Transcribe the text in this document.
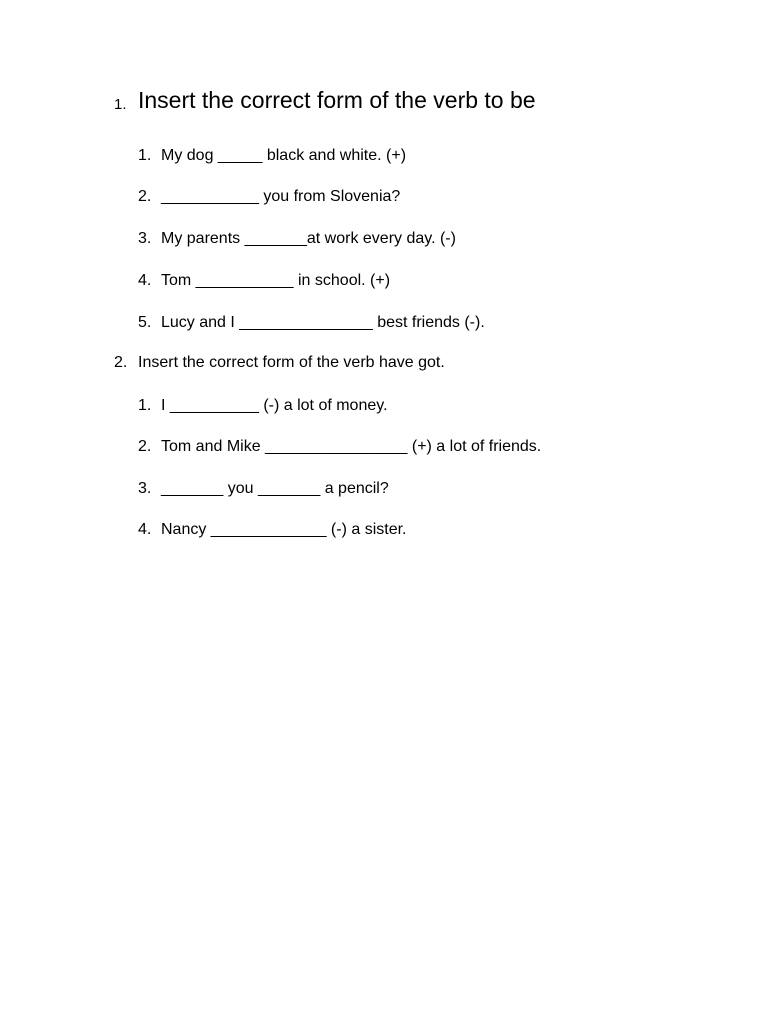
1. Insert the correct form of the verb to be
1. My dog _____ black and white. (+)
2. ___________ you from Slovenia?
3. My parents _______at work every day. (-)
4. Tom ___________ in school. (+)
5. Lucy and I _______________ best friends (-).
2. Insert the correct form of the verb have got.
1. I __________ (-) a lot of money.
2. Tom and Mike ________________ (+) a lot of friends.
3. _______ you _______ a pencil?
4. Nancy _____________ (-) a sister.
